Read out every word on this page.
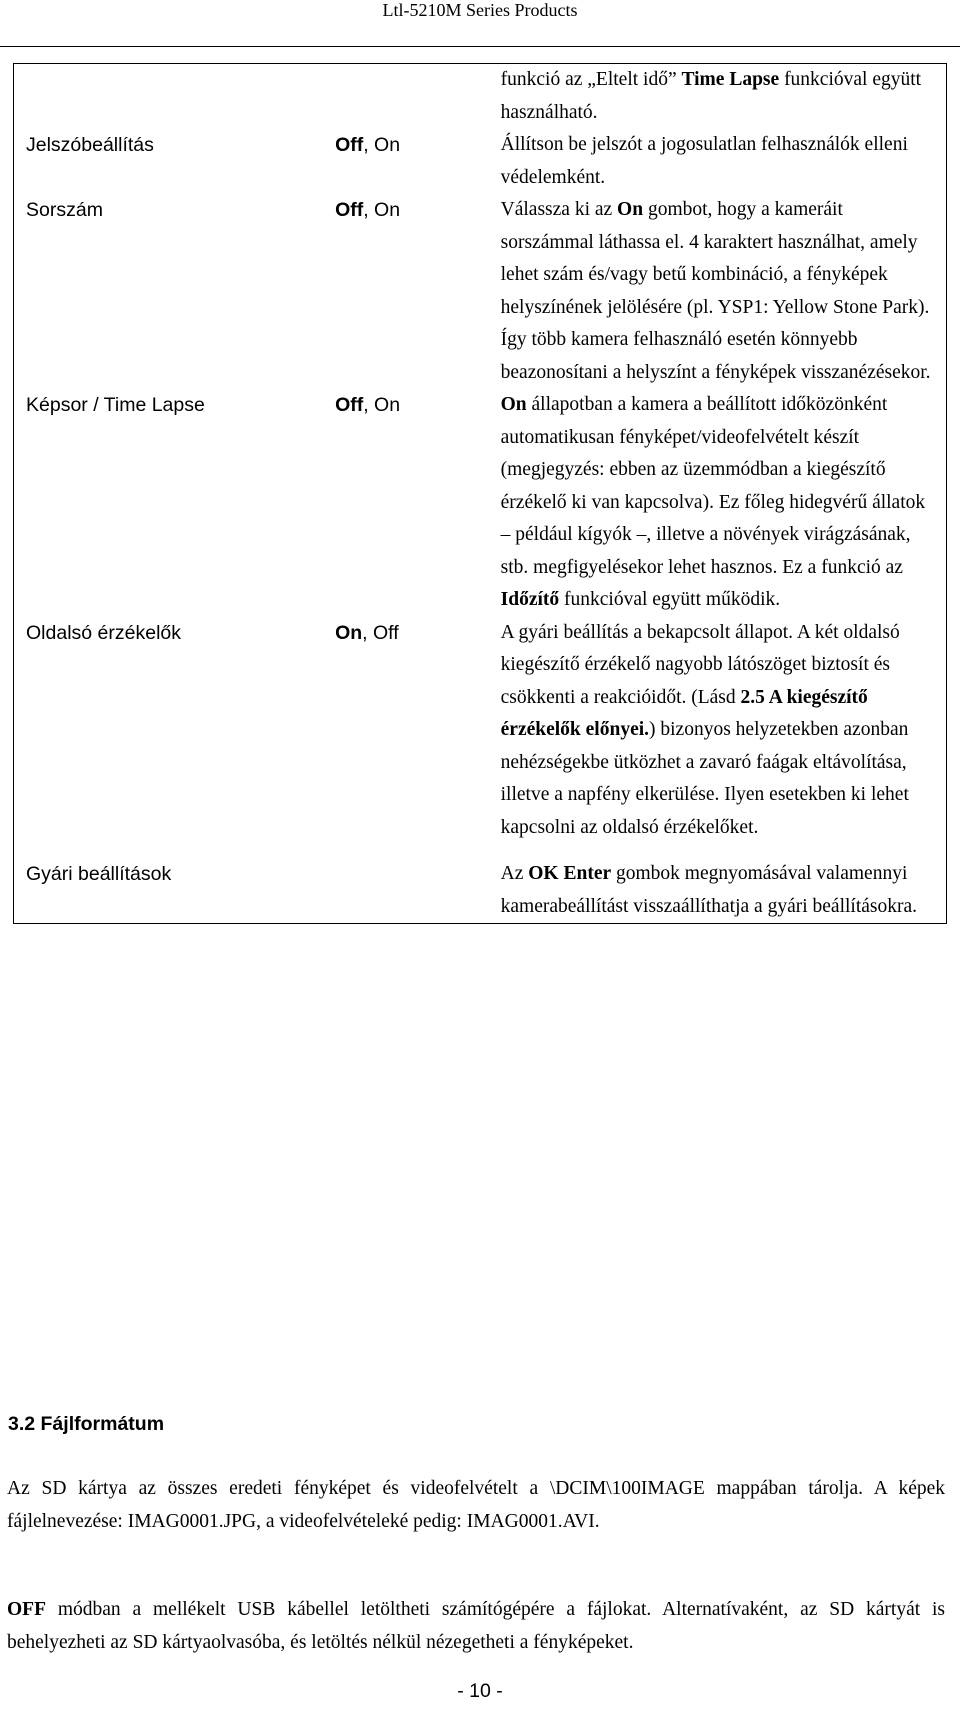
Ltl-5210M Series Products
		funkció az „Eltelt idő” Time Lapse funkcióval együtt használható.
Jelszóbeállítás	Off, On	Állítson be jelszót a jogosulatlan felhasználók elleni védelemként.
Sorszám	Off, On	Válassza ki az On gombot, hogy a kameráit sorszámmal láthassa el. 4 karaktert használhat, amely lehet szám és/vagy betű kombináció, a fényképek helyszínének jelölésére (pl. YSP1: Yellow Stone Park). Így több kamera felhasználó esetén könnyebb beazonosítani a helyszínt a fényképek visszanézésekor.
Képsor / Time Lapse	Off, On	On állapotban a kamera a beállított időközönként automatikusan fényképet/videofelvételt készít (megjegyzés: ebben az üzemmódban a kiegészítő érzékelő ki van kapcsolva). Ez főleg hidegvérű állatok – például kígyók –, illetve a növények virágzásának, stb. megfigyelésekor lehet hasznos. Ez a funkció az Időzítő funkcióval együtt működik.
Oldalsó érzékelők	On, Off	A gyári beállítás a bekapcsolt állapot. A két oldalsó kiegészítő érzékelő nagyobb látószöget biztosít és csökkenti a reakcióidőt. (Lásd 2.5 A kiegészítő érzékelők előnyei.) bizonyos helyzetekben azonban nehézségekbe ütközhet a zavaró faágak eltávolítása, illetve a napfény elkerülése. Ilyen esetekben ki lehet kapcsolni az oldalsó érzékelőket.

Gyári beállítások		Az OK Enter gombok megnyomásával valamennyi kamerabeállítást visszaállíthatja a gyári beállításokra.
3.2 Fájlformátum
Az SD kártya az összes eredeti fényképet és videofelvételt a \DCIM\100IMAGE mappában tárolja. A képek fájlelnevezése: IMAG0001.JPG, a videofelvételeké pedig: IMAG0001.AVI.
OFF módban a mellékelt USB kábellel letöltheti számítógépére a fájlokat. Alternatívaként, az SD kártyát is behelyezheti az SD kártyaolvasóba, és letöltés nélkül nézegetheti a fényképeket.
- 10 -
